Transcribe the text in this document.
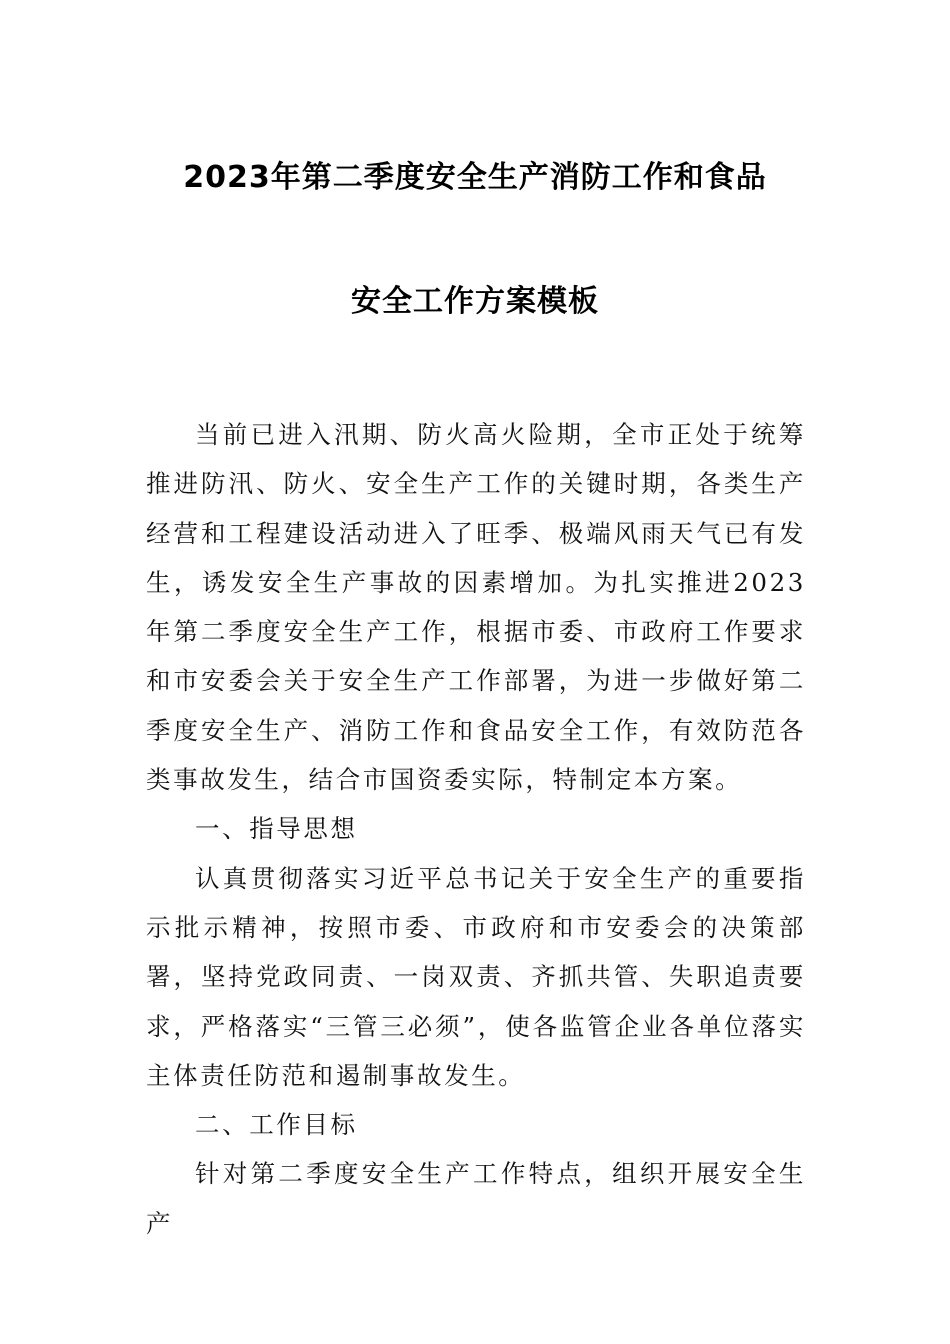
2023年第二季度安全生产消防工作和食品
安全工作方案模板

当前已进入汛期、防火高火险期，全市正处于统筹推进防汛、防火、安全生产工作的关键时期，各类生产经营和工程建设活动进入了旺季、极端风雨天气已有发生，诱发安全生产事故的因素增加。为扎实推进2023年第二季度安全生产工作，根据市委、市政府工作要求和市安委会关于安全生产工作部署，为进一步做好第二季度安全生产、消防工作和食品安全工作，有效防范各类事故发生，结合市国资委实际，特制定本方案。

一、指导思想

认真贯彻落实习近平总书记关于安全生产的重要指示批示精神，按照市委、市政府和市安委会的决策部署，坚持党政同责、一岗双责、齐抓共管、失职追责要求，严格落实“三管三必须”，使各监管企业各单位落实主体责任防范和遏制事故发生。

二、工作目标

针对第二季度安全生产工作特点，组织开展安全生产
